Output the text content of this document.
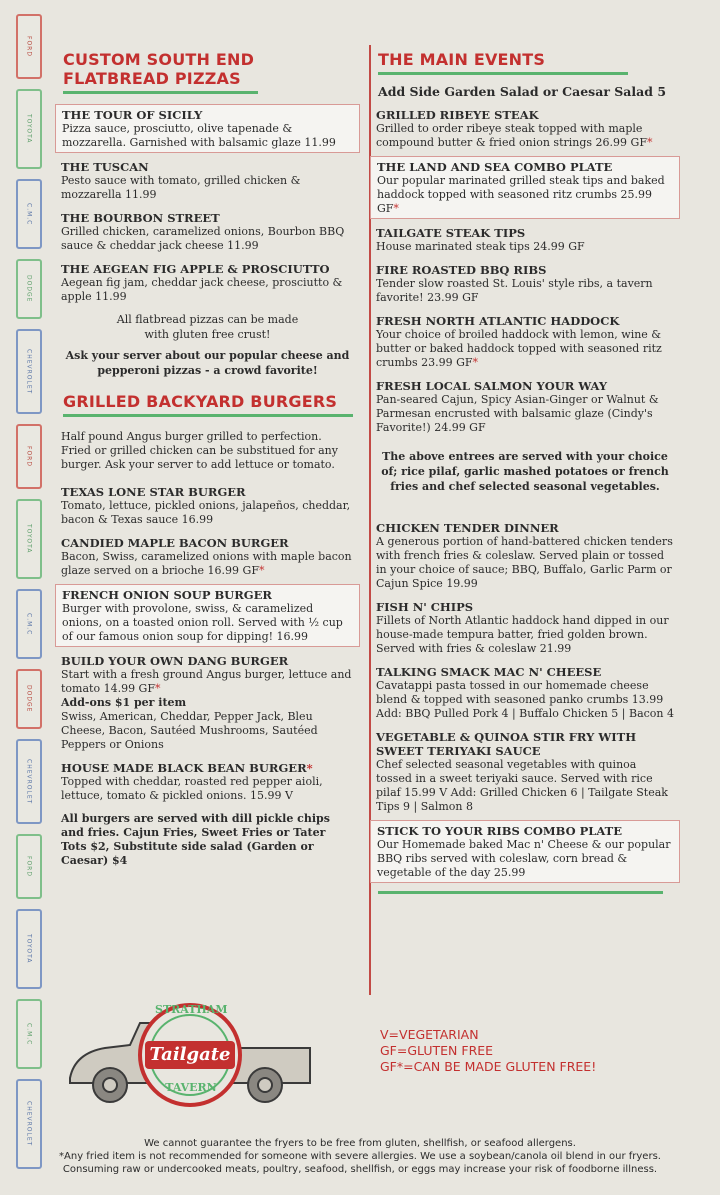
FORD
TOYOTA
C.M.C
DODGE
CHEVROLET
FORD
TOYOTA
C.M.C
DODGE
CHEVROLET
FORD
TOYOTA
C.M.C
CHEVROLET
CUSTOM SOUTH END
FLATBREAD PIZZAS
THE TOUR OF SICILY
Pizza sauce, prosciutto, olive tapenade & mozzarella. Garnished with balsamic glaze 11.99
THE TUSCAN
Pesto sauce with tomato, grilled chicken & mozzarella 11.99
THE BOURBON STREET
Grilled chicken, caramelized onions, Bourbon BBQ sauce & cheddar jack cheese 11.99
THE AEGEAN FIG APPLE & PROSCIUTTO
Aegean fig jam, cheddar jack cheese, prosciutto & apple 11.99
All flatbread pizzas can be made with gluten free crust!
Ask your server about our popular cheese and pepperoni pizzas - a crowd favorite!
GRILLED BACKYARD BURGERS
Half pound Angus burger grilled to perfection. Fried or grilled chicken can be substitued for any burger. Ask your server to add lettuce or tomato.
TEXAS LONE STAR BURGER
Tomato, lettuce, pickled onions, jalapeños, cheddar, bacon & Texas sauce 16.99
CANDIED MAPLE BACON BURGER
Bacon, Swiss, caramelized onions with maple bacon glaze served on a brioche 16.99 GF*
FRENCH ONION SOUP BURGER
Burger with provolone, swiss, & caramelized onions, on a toasted onion roll. Served with ½ cup of our famous onion soup for dipping! 16.99
BUILD YOUR OWN DANG BURGER
Start with a fresh ground Angus burger, lettuce and tomato 14.99 GF*
Add-ons $1 per item
Swiss, American, Cheddar, Pepper Jack, Bleu Cheese, Bacon, Sautéed Mushrooms, Sautéed Peppers or Onions
HOUSE MADE BLACK BEAN BURGER*
Topped with cheddar, roasted red pepper aioli, lettuce, tomato & pickled onions. 15.99 V
All burgers are served with dill pickle chips and fries. Cajun Fries, Sweet Fries or Tater Tots $2, Substitute side salad (Garden or Caesar) $4
THE MAIN EVENTS
Add Side Garden Salad or Caesar Salad 5
GRILLED RIBEYE STEAK
Grilled to order ribeye steak topped with maple compound butter & fried onion strings 26.99 GF*
THE LAND AND SEA COMBO PLATE
Our popular marinated grilled steak tips and baked haddock topped with seasoned ritz crumbs 25.99 GF*
TAILGATE STEAK TIPS
House marinated steak tips 24.99 GF
FIRE ROASTED BBQ RIBS
Tender slow roasted St. Louis' style ribs, a tavern favorite! 23.99 GF
FRESH NORTH ATLANTIC HADDOCK
Your choice of broiled haddock with lemon, wine & butter or baked haddock topped with seasoned ritz crumbs 23.99 GF*
FRESH LOCAL SALMON YOUR WAY
Pan-seared Cajun, Spicy Asian-Ginger or Walnut & Parmesan encrusted with balsamic glaze (Cindy's Favorite!) 24.99 GF
The above entrees are served with your choice of; rice pilaf, garlic mashed potatoes or french fries and chef selected seasonal vegetables.
CHICKEN TENDER DINNER
A generous portion of hand-battered chicken tenders with french fries & coleslaw. Served plain or tossed in your choice of sauce; BBQ, Buffalo, Garlic Parm or Cajun Spice 19.99
FISH N' CHIPS
Fillets of North Atlantic haddock hand dipped in our house-made tempura batter, fried golden brown. Served with fries & coleslaw 21.99
TALKING SMACK MAC N' CHEESE
Cavatappi pasta tossed in our homemade cheese blend & topped with seasoned panko crumbs 13.99 Add: BBQ Pulled Pork 4 | Buffalo Chicken 5 | Bacon 4
VEGETABLE & QUINOA STIR FRY WITH SWEET TERIYAKI SAUCE
Chef selected seasonal vegetables with quinoa tossed in a sweet teriyaki sauce. Served with rice pilaf 15.99 V Add: Grilled Chicken 6 | Tailgate Steak Tips 9 | Salmon 8
STICK TO YOUR RIBS COMBO PLATE
Our Homemade baked Mac n' Cheese & our popular BBQ ribs served with coleslaw, corn bread & vegetable of the day 25.99
STRATHAM
Tailgate
TAVERN
V=VEGETARIAN
GF=GLUTEN FREE
GF*=CAN BE MADE GLUTEN FREE!
We cannot guarantee the fryers to be free from gluten, shellfish, or seafood allergens.
*Any fried item is not recommended for someone with severe allergies. We use a soybean/canola oil blend in our fryers.
Consuming raw or undercooked meats, poultry, seafood, shellfish, or eggs may increase your risk of foodborne illness.
